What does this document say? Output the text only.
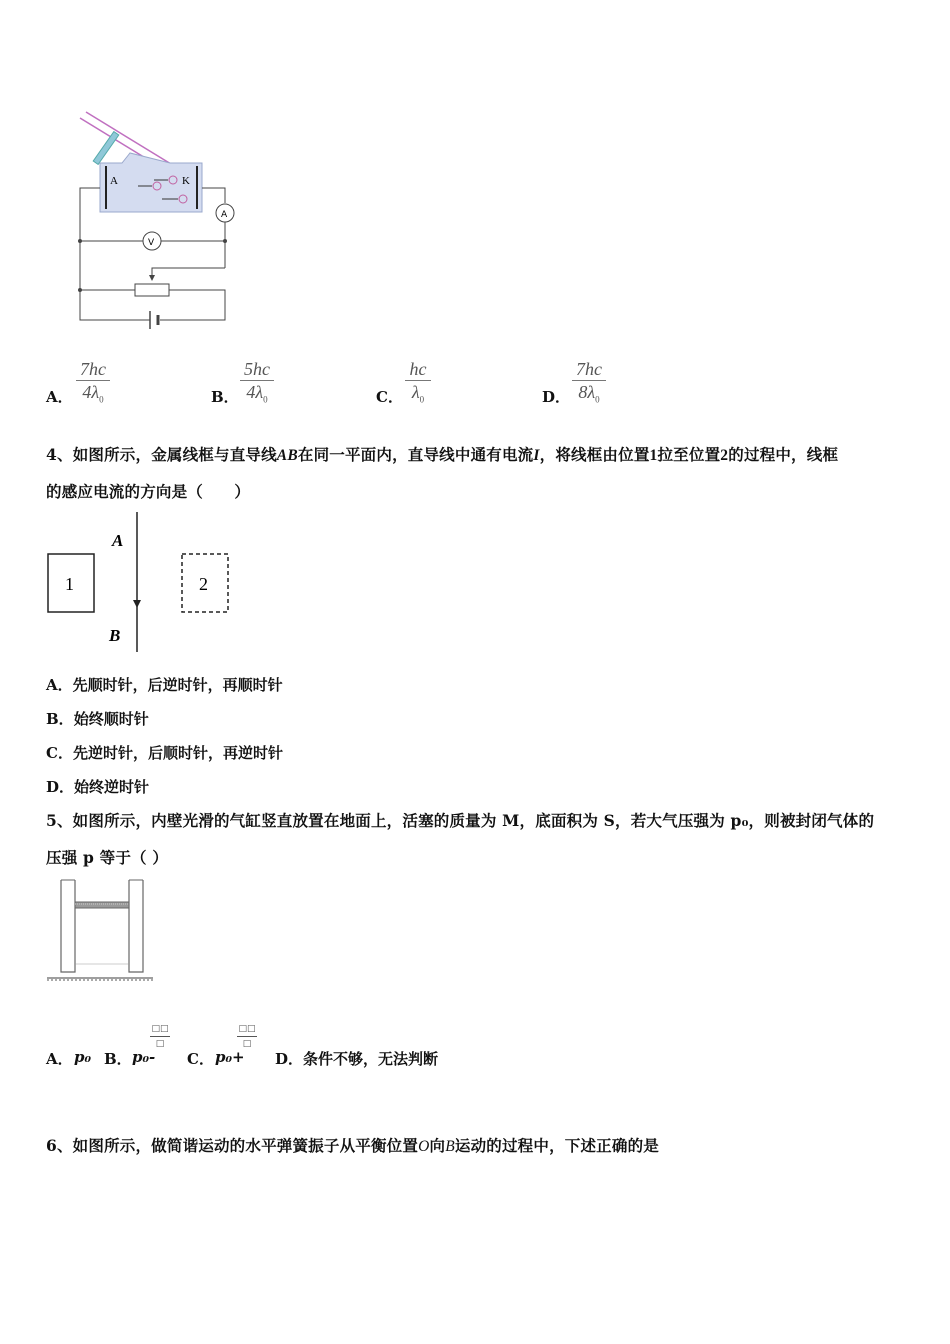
A	K
A
V
A．
7hc
$4\lambda_0$	B．
5hc
$4\lambda_0$	C．
hc
$\lambda_0$	D．
7hc
$8\lambda_0$
4、如图所示，金属线框与直导线AB在同一平面内，直导线中通有电流I，将线框由位置1拉至位置2的过程中，线框
的感应电流的方向是（　　）
A
B
1	2
A．先顺时针，后逆时针，再顺时针
B．始终顺时针
C．先逆时针，后顺时针，再逆时针
D．始终逆时针
5、如图所示，内壁光滑的气缸竖直放置在地面上，活塞的质量为 M，底面积为 S，若大气压强为 p₀，则被封闭气体的
压强 p 等于（ ）
A． p₀ B． p₀-
□□
□
C． p₀+
□□
□
D． 条件不够，无法判断
6、如图所示，做简谐运动的水平弹簧振子从平衡位置O向B运动的过程中，下述正确的是
